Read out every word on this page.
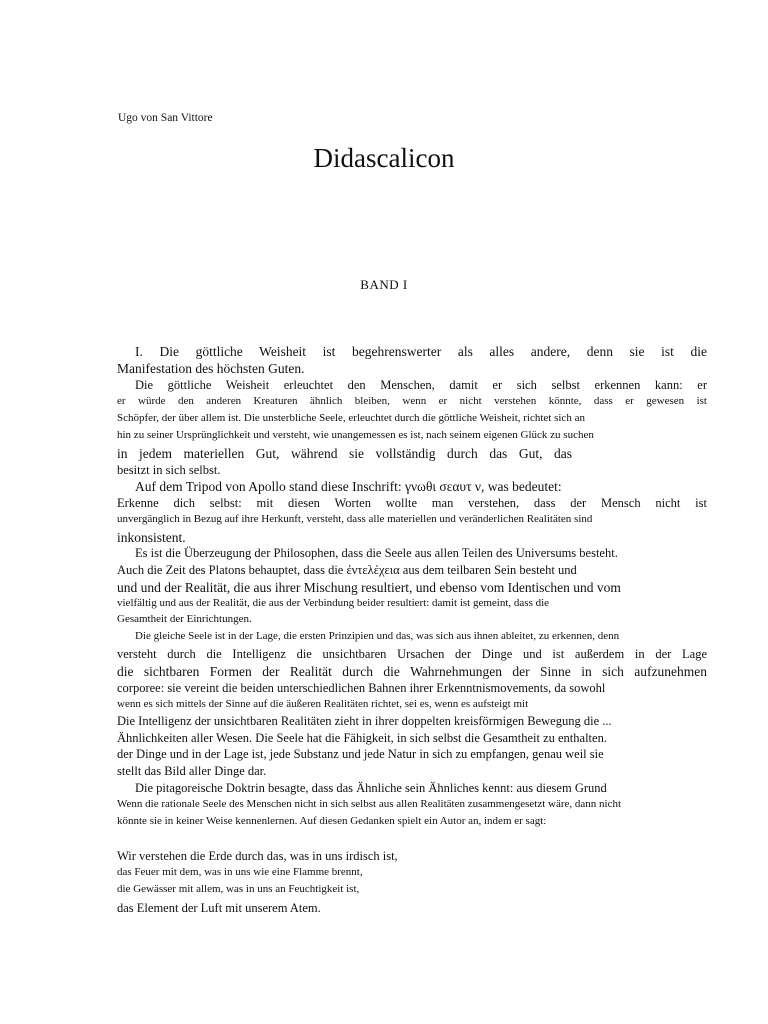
Ugo von San Vittore
Didascalicon
BAND I
I. Die göttliche Weisheit ist begehrenswerter als alles andere, denn sie ist die
Manifestation des höchsten Guten.
Die göttliche Weisheit erleuchtet den Menschen, damit er sich selbst erkennen kann: er
er würde den anderen Kreaturen ähnlich bleiben, wenn er nicht verstehen könnte, dass er gewesen ist
Schöpfer, der über allem ist. Die unsterbliche Seele, erleuchtet durch die göttliche Weisheit, richtet sich an
hin zu seiner Ursprünglichkeit und versteht, wie unangemessen es ist, nach seinem eigenen Glück zu suchen
in jedem materiellen Gut, während sie vollständig durch das Gut, das
besitzt in sich selbst.
Auf dem Tripod von Apollo stand diese Inschrift: γνωθι σεαυτ ν, was bedeutet:
Erkenne dich selbst: mit diesen Worten wollte man verstehen, dass der Mensch nicht ist
unvergänglich in Bezug auf ihre Herkunft, versteht, dass alle materiellen und veränderlichen Realitäten sind
inkonsistent.
Es ist die Überzeugung der Philosophen, dass die Seele aus allen Teilen des Universums besteht.
Auch die Zeit des Platons behauptet, dass die ἐντελέχεια aus dem teilbaren Sein besteht und
und und der Realität, die aus ihrer Mischung resultiert, und ebenso vom Identischen und vom
vielfältig und aus der Realität, die aus der Verbindung beider resultiert: damit ist gemeint, dass die
Gesamtheit der Einrichtungen.
Die gleiche Seele ist in der Lage, die ersten Prinzipien und das, was sich aus ihnen ableitet, zu erkennen, denn
versteht durch die Intelligenz die unsichtbaren Ursachen der Dinge und ist außerdem in der Lage
die sichtbaren Formen der Realität durch die Wahrnehmungen der Sinne in sich aufzunehmen
corporee: sie vereint die beiden unterschiedlichen Bahnen ihrer Erkenntnismovements, da sowohl
wenn es sich mittels der Sinne auf die äußeren Realitäten richtet, sei es, wenn es aufsteigt mit
Die Intelligenz der unsichtbaren Realitäten zieht in ihrer doppelten kreisförmigen Bewegung die ...
Ähnlichkeiten aller Wesen. Die Seele hat die Fähigkeit, in sich selbst die Gesamtheit zu enthalten.
der Dinge und in der Lage ist, jede Substanz und jede Natur in sich zu empfangen, genau weil sie
stellt das Bild aller Dinge dar.
Die pitagoreische Doktrin besagte, dass das Ähnliche sein Ähnliches kennt: aus diesem Grund
Wenn die rationale Seele des Menschen nicht in sich selbst aus allen Realitäten zusammengesetzt wäre, dann nicht
könnte sie in keiner Weise kennenlernen. Auf diesen Gedanken spielt ein Autor an, indem er sagt:
Wir verstehen die Erde durch das, was in uns irdisch ist,
das Feuer mit dem, was in uns wie eine Flamme brennt,
die Gewässer mit allem, was in uns an Feuchtigkeit ist,
das Element der Luft mit unserem Atem.
